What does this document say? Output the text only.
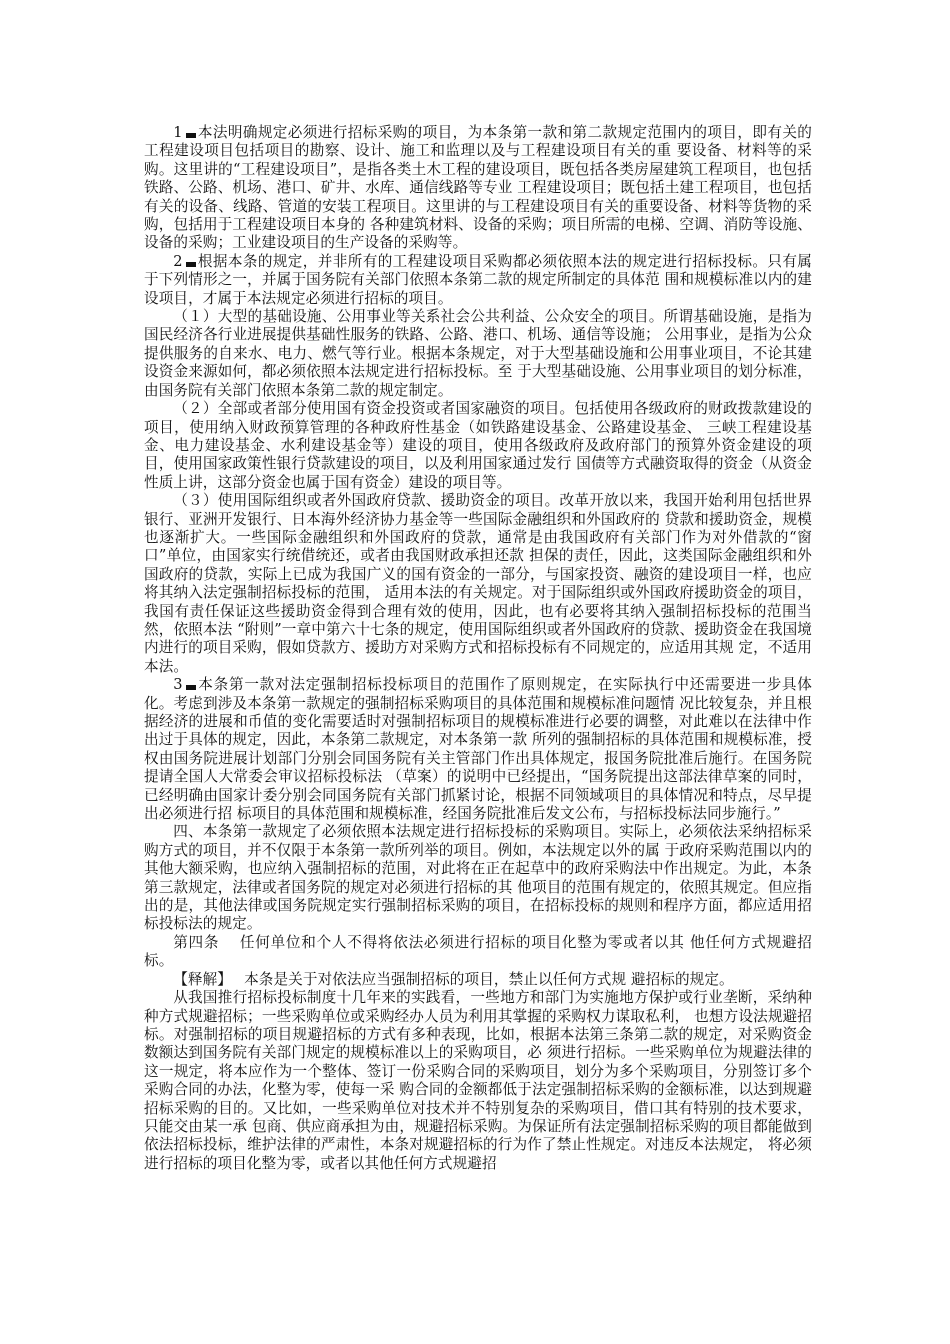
1 本法明确规定必须进行招标采购的项目，为本条第一款和第二款规定范围内的项目，即有关的工程建设项目包括项目的勘察、设计、施工和监理以及与工程建设项目有关的重 要设备、材料等的采购。这里讲的“工程建设项目”，是指各类土木工程的建设项目，既包括各类房屋建筑工程项目，也包括铁路、公路、机场、港口、矿井、水库、通信线路等专业 工程建设项目；既包括土建工程项目，也包括有关的设备、线路、管道的安装工程项目。这里讲的与工程建设项目有关的重要设备、材料等货物的采购，包括用于工程建设项目本身的 各种建筑材料、设备的采购；项目所需的电梯、空调、消防等设施、设备的采购；工业建设项目的生产设备的采购等。

2 根据本条的规定，并非所有的工程建设项目采购都必须依照本法的规定进行招标投标。只有属于下列情形之一，并属于国务院有关部门依照本条第二款的规定所制定的具体范 围和规模标准以内的建设项目，才属于本法规定必须进行招标的项目。

（１）大型的基础设施、公用事业等关系社会公共利益、公众安全的项目。所谓基础设施，是指为国民经济各行业进展提供基础性服务的铁路、公路、港口、机场、通信等设施； 公用事业，是指为公众提供服务的自来水、电力、燃气等行业。根据本条规定，对于大型基础设施和公用事业项目，不论其建设资金来源如何，都必须依照本法规定进行招标投标。至 于大型基础设施、公用事业项目的划分标准，由国务院有关部门依照本条第二款的规定制定。

（２）全部或者部分使用国有资金投资或者国家融资的项目。包括使用各级政府的财政拨款建设的项目，使用纳入财政预算管理的各种政府性基金（如铁路建设基金、公路建设基金、 三峡工程建设基金、电力建设基金、水利建设基金等）建设的项目，使用各级政府及政府部门的预算外资金建设的项目，使用国家政策性银行贷款建设的项目，以及利用国家通过发行 国债等方式融资取得的资金（从资金性质上讲，这部分资金也属于国有资金）建设的项目等。

（３）使用国际组织或者外国政府贷款、援助资金的项目。改革开放以来，我国开始利用包括世界银行、亚洲开发银行、日本海外经济协力基金等一些国际金融组织和外国政府的 贷款和援助资金，规模也逐渐扩大。一些国际金融组织和外国政府的贷款，通常是由我国政府有关部门作为对外借款的“窗口”单位，由国家实行统借统还，或者由我国财政承担还款 担保的责任，因此，这类国际金融组织和外国政府的贷款，实际上已成为我国广义的国有资金的一部分，与国家投资、融资的建设项目一样，也应将其纳入法定强制招标投标的范围， 适用本法的有关规定。对于国际组织或外国政府援助资金的项目，我国有责任保证这些援助资金得到合理有效的使用，因此，也有必要将其纳入强制招标投标的范围当然，依照本法 “附则”一章中第六十七条的规定，使用国际组织或者外国政府的贷款、援助资金在我国境内进行的项目采购，假如贷款方、援助方对采购方式和招标投标有不同规定的，应适用其规 定，不适用本法。

3 本条第一款对法定强制招标投标项目的范围作了原则规定，在实际执行中还需要进一步具体化。考虑到涉及本条第一款规定的强制招标采购项目的具体范围和规模标准问题情 况比较复杂，并且根据经济的进展和币值的变化需要适时对强制招标项目的规模标准进行必要的调整，对此难以在法律中作出过于具体的规定，因此，本条第二款规定，对本条第一款 所列的强制招标的具体范围和规模标准，授权由国务院进展计划部门分别会同国务院有关主管部门作出具体规定，报国务院批准后施行。在国务院提请全国人大常委会审议招标投标法 （草案）的说明中已经提出，“国务院提出这部法律草案的同时，已经明确由国家计委分别会同国务院有关部门抓紧讨论，根据不同领域项目的具体情况和特点，尽早提出必须进行招 标项目的具体范围和规模标准，经国务院批准后发文公布，与招标投标法同步施行。”

四、本条第一款规定了必须依照本法规定进行招标投标的采购项目。实际上，必须依法采纳招标采购方式的项目，并不仅限于本条第一款所列举的项目。例如，本法规定以外的属 于政府采购范围以内的其他大额采购，也应纳入强制招标的范围，对此将在正在起草中的政府采购法中作出规定。为此，本条第三款规定，法律或者国务院的规定对必须进行招标的其 他项目的范围有规定的，依照其规定。但应指出的是，其他法律或国务院规定实行强制招标采购的项目，在招标投标的规则和程序方面，都应适用招标投标法的规定。

第四条　 任何单位和个人不得将依法必须进行招标的项目化整为零或者以其 他任何方式规避招标。

【释解】　 本条是关于对依法应当强制招标的项目，禁止以任何方式规 避招标的规定。

从我国推行招标投标制度十几年来的实践看，一些地方和部门为实施地方保护或行业垄断，采纳种种方式规避招标；一些采购单位或采购经办人员为利用其掌握的采购权力谋取私利， 也想方设法规避招标。对强制招标的项目规避招标的方式有多种表现，比如，根据本法第三条第二款的规定，对采购资金数额达到国务院有关部门规定的规模标准以上的采购项目，必 须进行招标。一些采购单位为规避法律的这一规定，将本应作为一个整体、签订一份采购合同的采购项目，划分为多个采购项目，分别签订多个采购合同的办法，化整为零，使每一采 购合同的金额都低于法定强制招标采购的金额标准，以达到规避招标采购的目的。又比如，一些采购单位对技术并不特别复杂的采购项目，借口其有特别的技术要求，只能交由某一承 包商、供应商承担为由，规避招标采购。为保证所有法定强制招标采购的项目都能做到依法招标投标，维护法律的严肃性，本条对规避招标的行为作了禁止性规定。对违反本法规定， 将必须进行招标的项目化整为零，或者以其他任何方式规避招
